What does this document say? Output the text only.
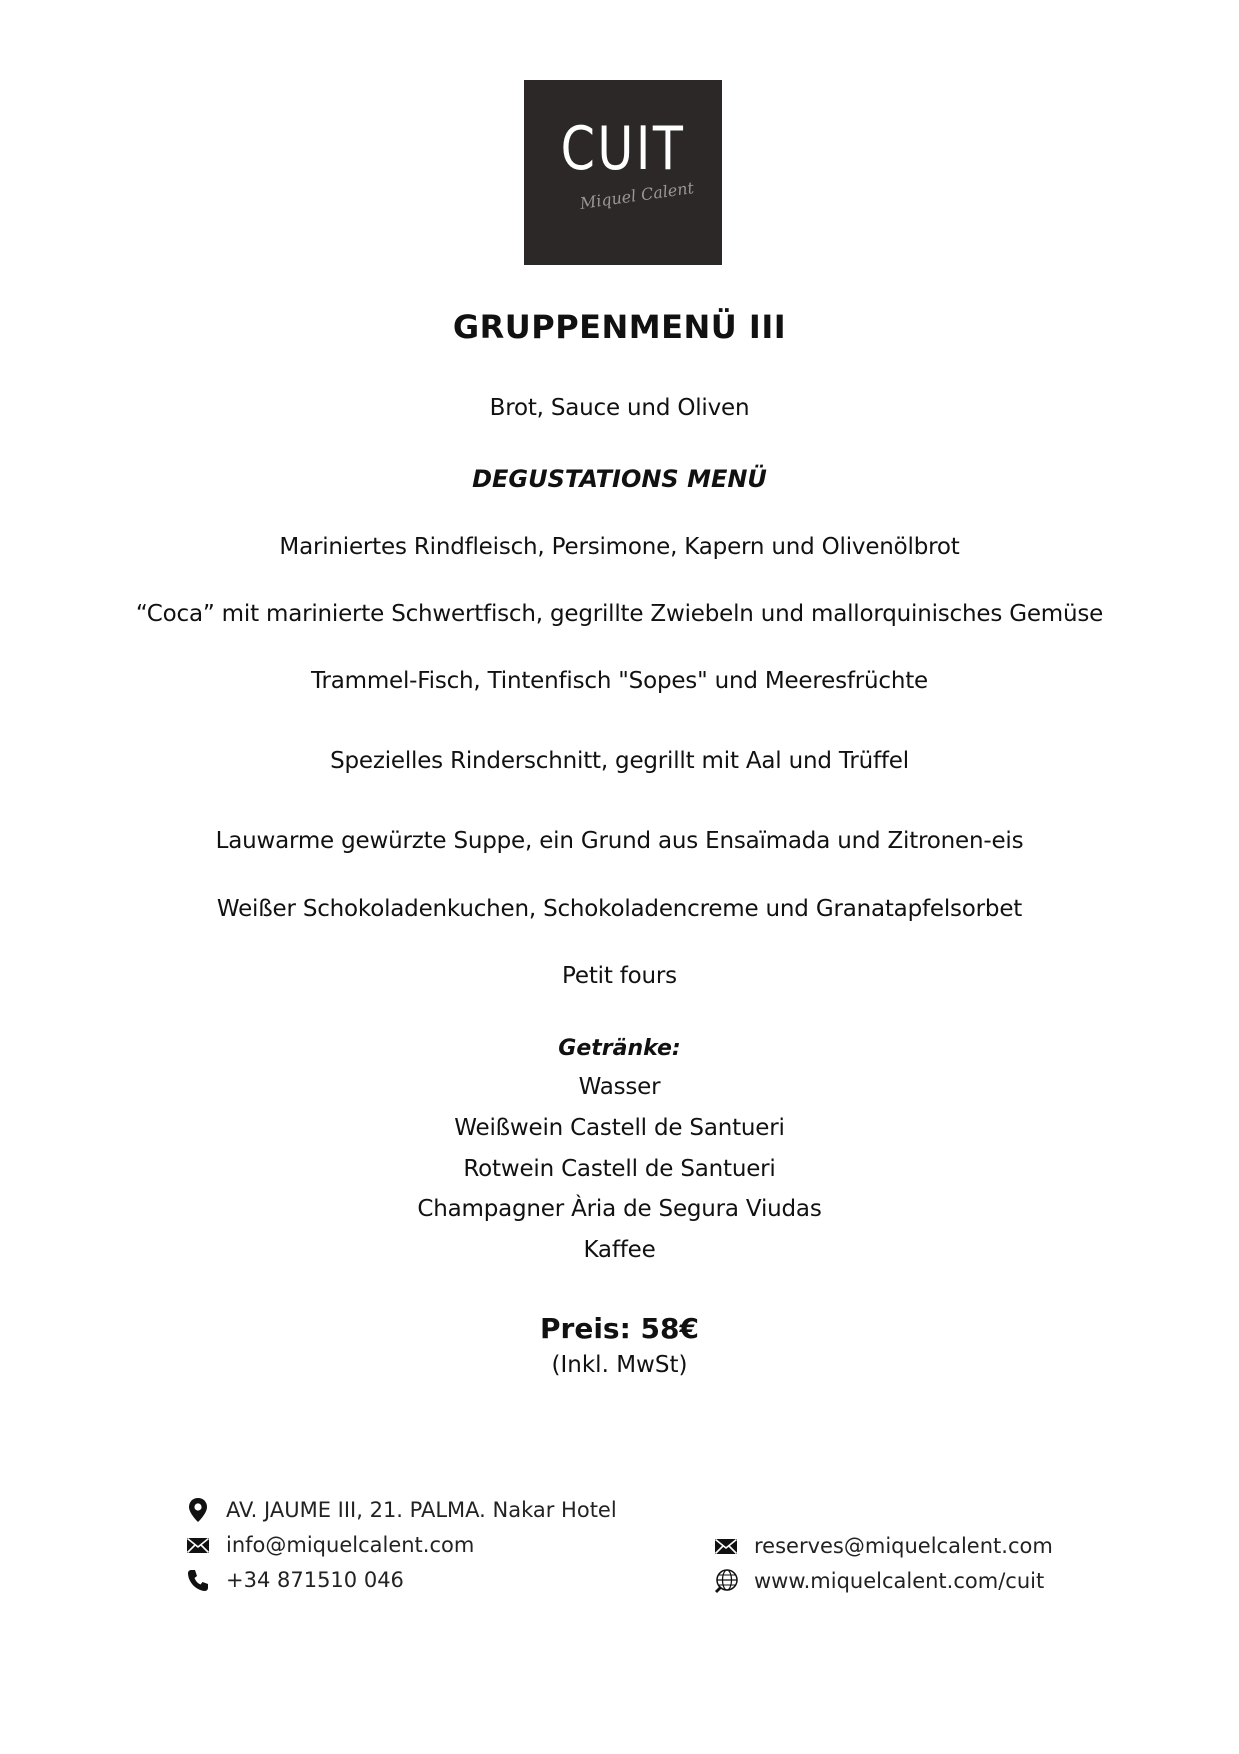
CUIT
Miquel Calent
GRUPPENMENÜ III
Brot, Sauce und Oliven
DEGUSTATIONS MENÜ
Mariniertes Rindfleisch, Persimone, Kapern und Olivenölbrot
“Coca” mit marinierte Schwertfisch, gegrillte Zwiebeln und mallorquinisches Gemüse
Trammel-Fisch, Tintenfisch "Sopes" und Meeresfrüchte
Spezielles Rinderschnitt, gegrillt mit Aal und Trüffel
Lauwarme gewürzte Suppe, ein Grund aus Ensaïmada und Zitronen-eis
Weißer Schokoladenkuchen, Schokoladencreme und Granatapfelsorbet
Petit fours
Getränke:
Wasser
Weißwein Castell de Santueri
Rotwein Castell de Santueri
Champagner Ària de Segura Viudas
Kaffee
Preis: 58€
(Inkl. MwSt)
AV. JAUME III, 21. PALMA. Nakar Hotel
info@miquelcalent.com
+34 871510 046
reserves@miquelcalent.com
www.miquelcalent.com/cuit
